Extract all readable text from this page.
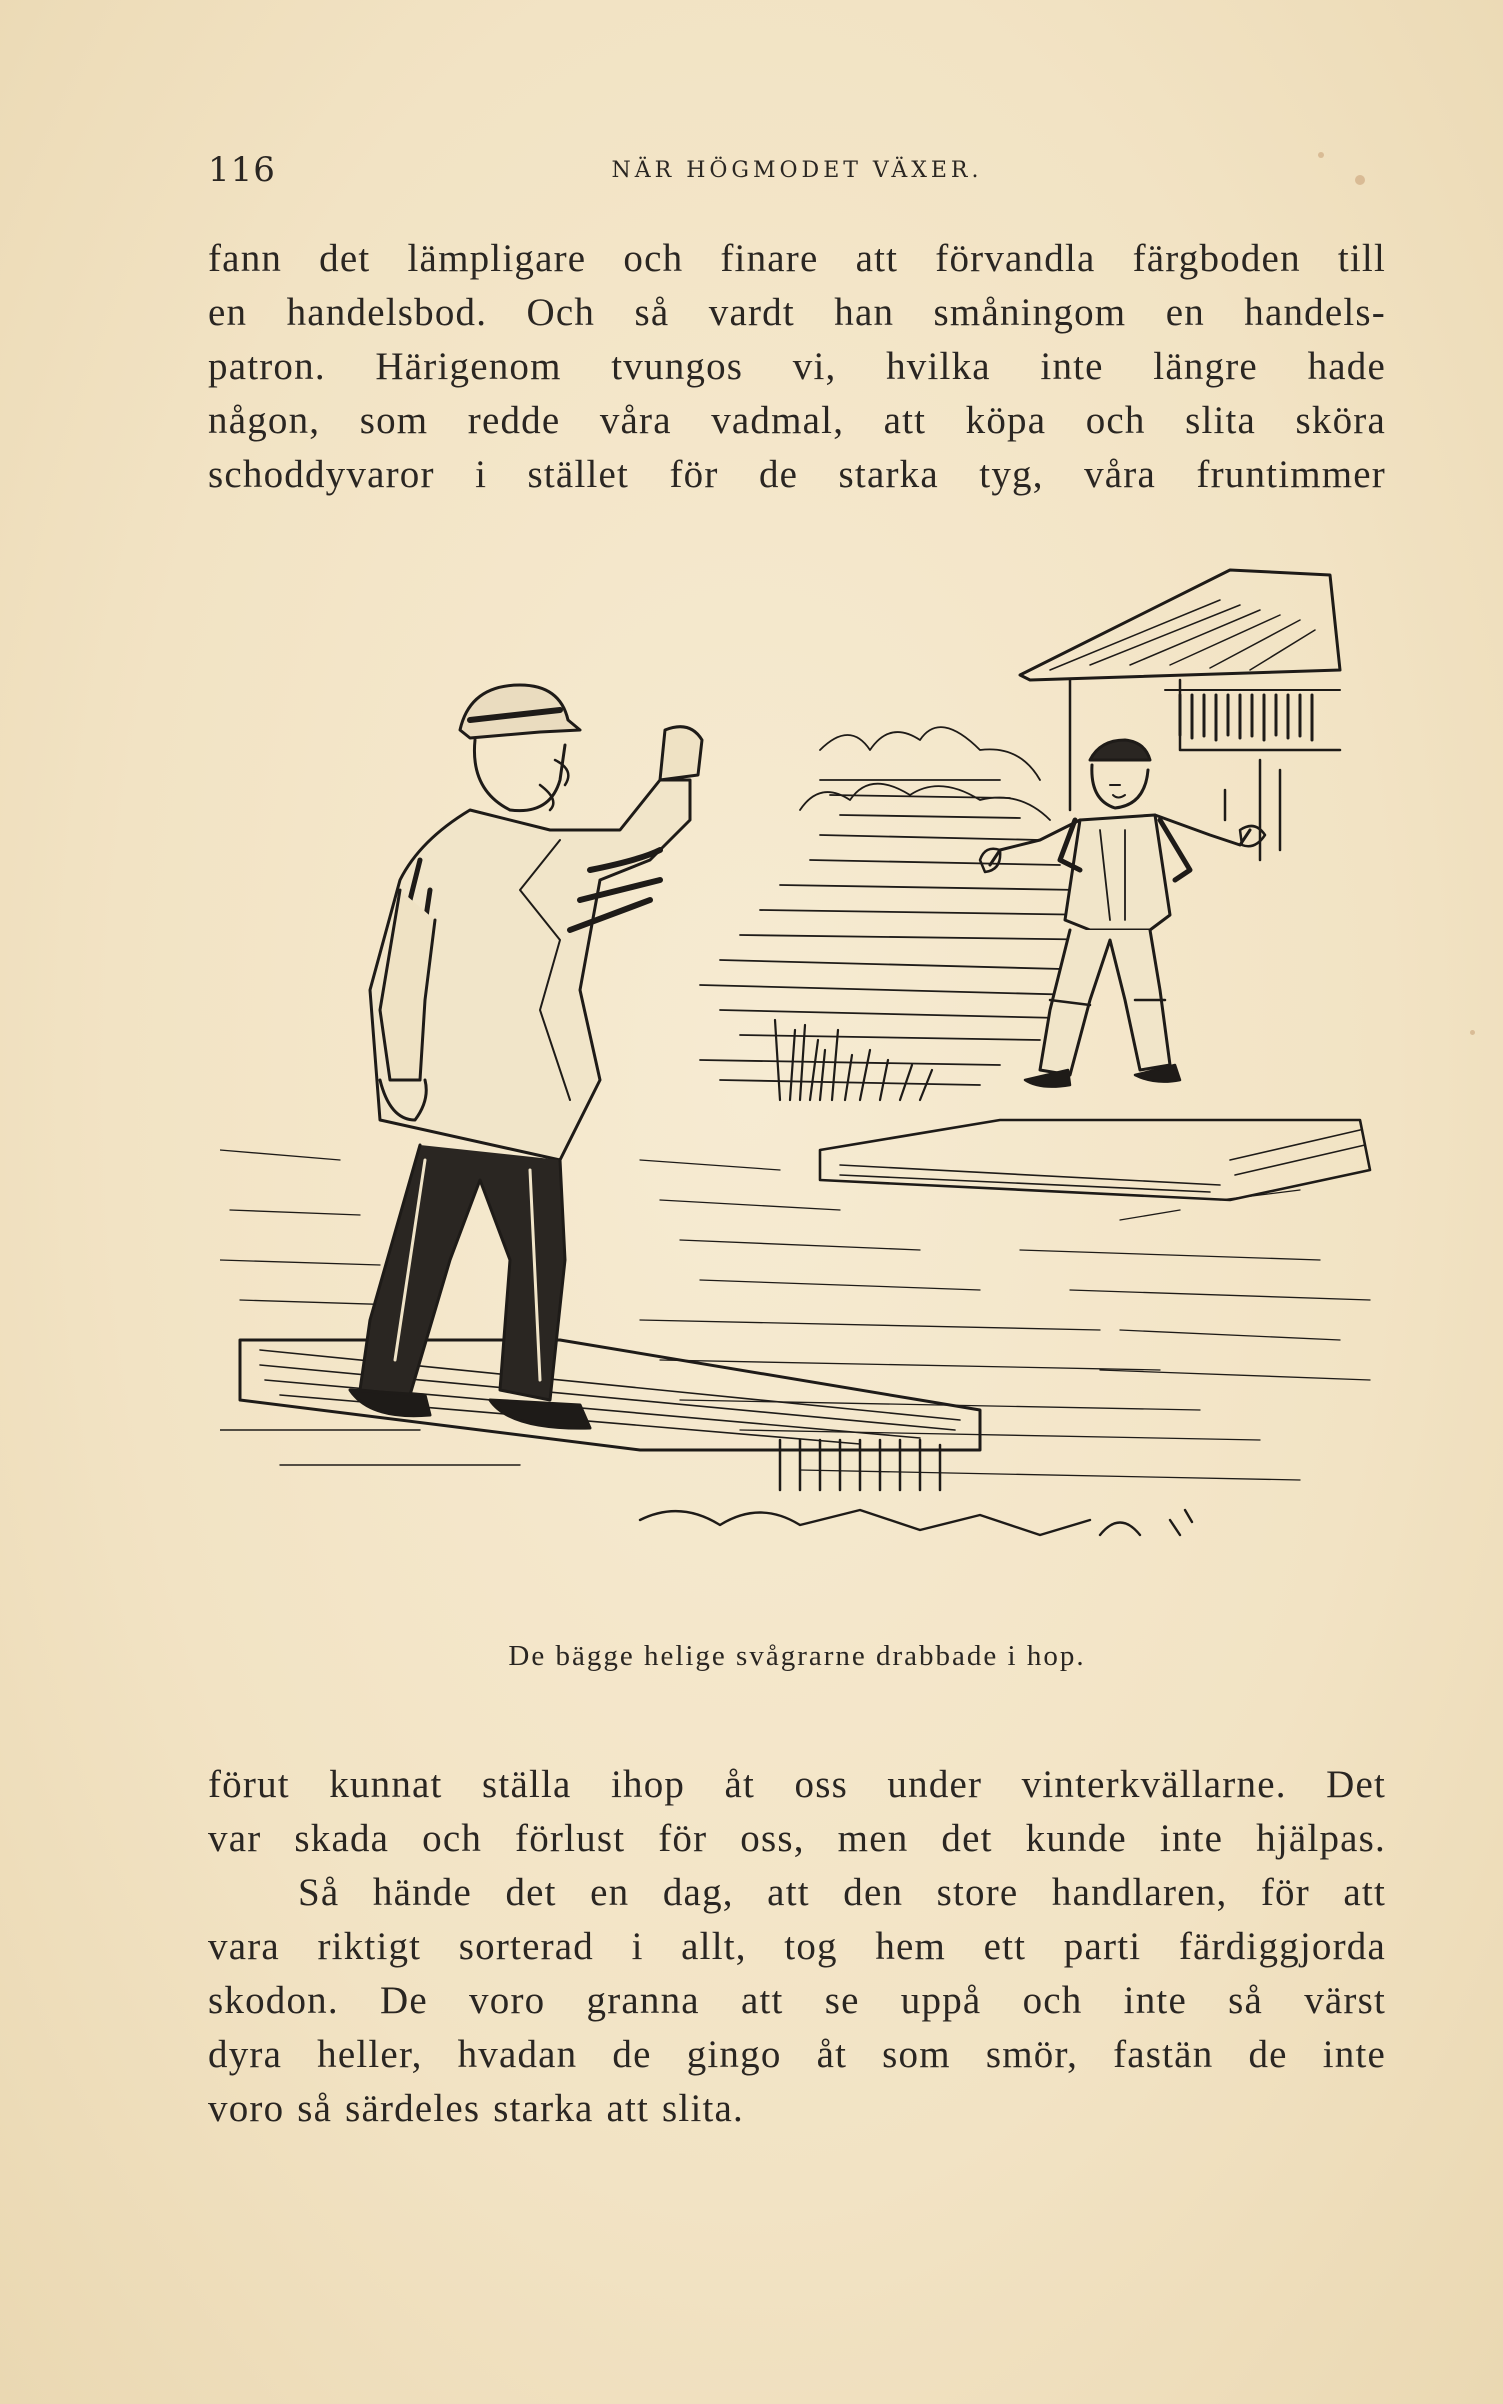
116	NÄR HÖGMODET VÄXER.
fann det lämpligare och finare att förvandla färgboden till
en handelsbod. Och så vardt han småningom en handels-
patron. Härigenom tvungos vi, hvilka inte längre hade
någon, som redde våra vadmal, att köpa och slita sköra
schoddyvaror i stället för de starka tyg, våra fruntimmer
De bägge helige svågrarne drabbade i hop.
förut kunnat ställa ihop åt oss under vinterkvällarne. Det
var skada och förlust för oss, men det kunde inte hjälpas.
Så hände det en dag, att den store handlaren, för att
vara riktigt sorterad i allt, tog hem ett parti färdiggjorda
skodon. De voro granna att se uppå och inte så värst
dyra heller, hvadan de gingo åt som smör, fastän de inte
voro så särdeles starka att slita.
